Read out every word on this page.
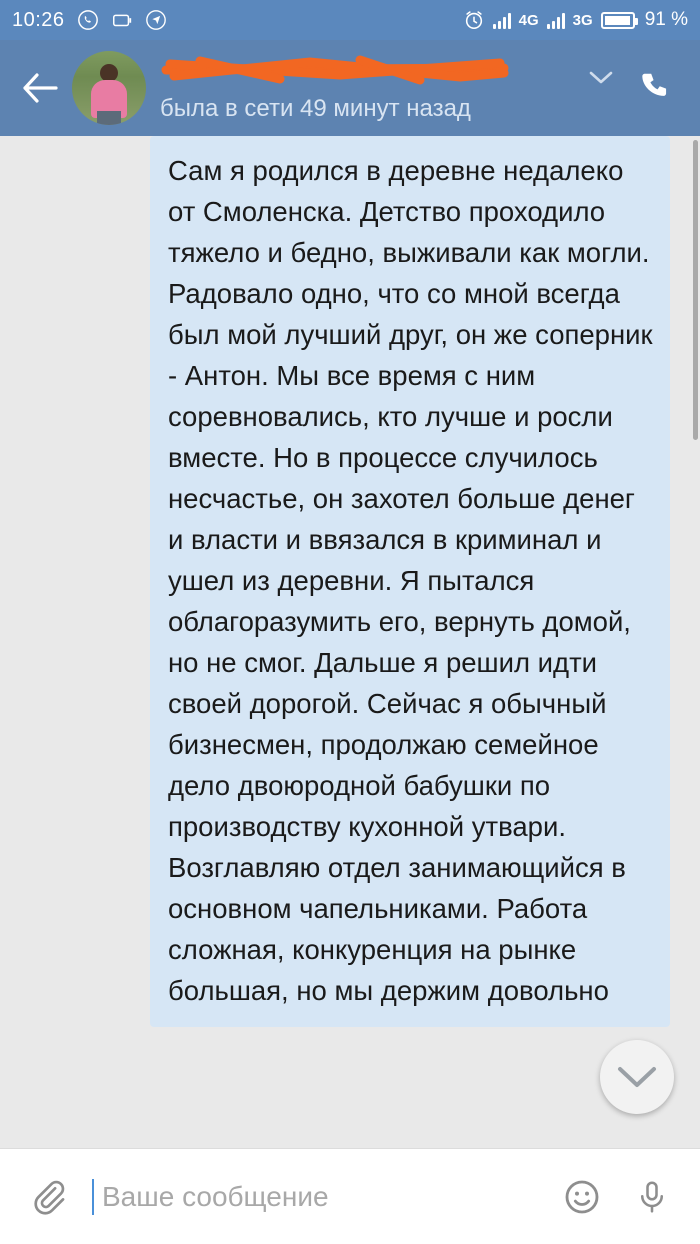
10:26	4G 3G	91 %
была в сети 49 минут назад
Сам я родился в деревне недалеко от Смоленска. Детство проходило тяжело и бедно, выживали как могли. Радовало одно, что со мной всегда был мой лучший друг, он же соперник - Антон. Мы все время с ним соревновались, кто лучше и росли вместе. Но в процессе случилось несчастье, он захотел больше денег и власти и ввязался в криминал и ушел из деревни. Я пытался облагоразумить его, вернуть домой, но не смог. Дальше я решил идти своей дорогой. Сейчас я обычный бизнесмен, продолжаю семейное дело двоюродной бабушки по производству кухонной утвари. Возглавляю отдел занимающийся в основном чапельниками. Работа сложная, конкуренция на рынке большая, но мы держим довольно
Ваше сообщение
